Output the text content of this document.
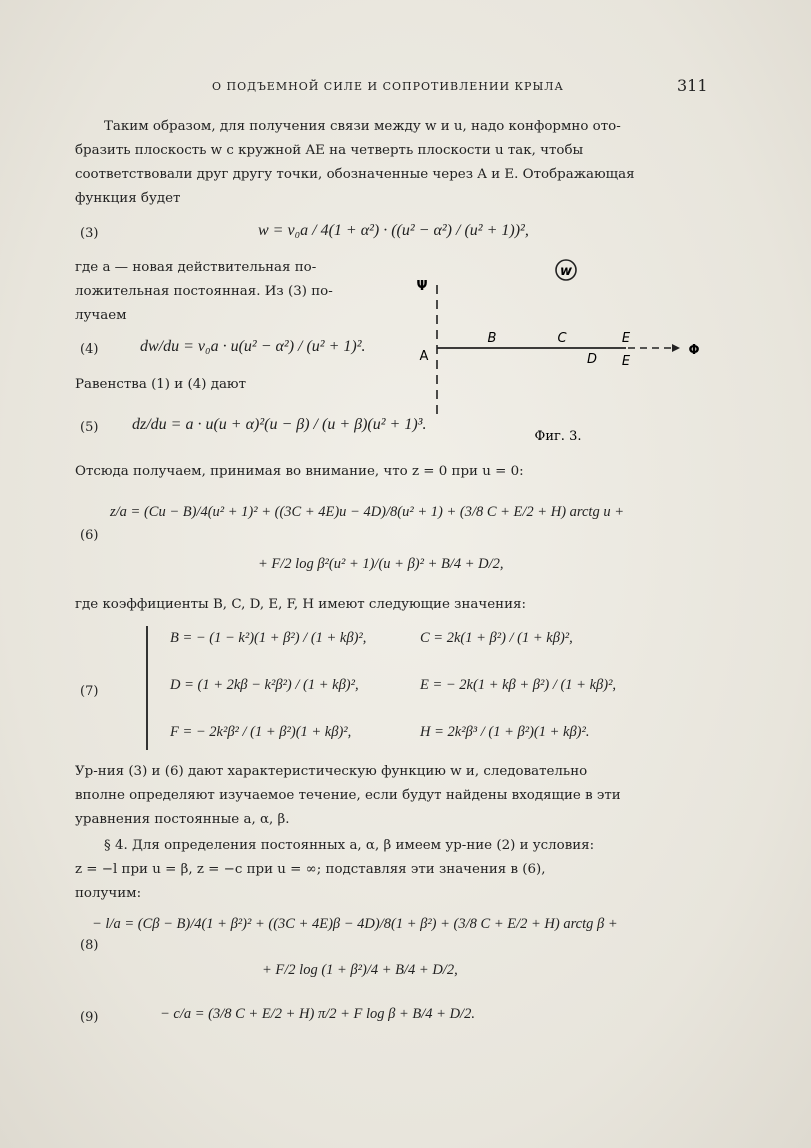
О ПОДЪЕМНОЙ СИЛЕ И СОПРОТИВЛЕНИИ КРЫЛА	311
Таким образом, для получения связи между w и u, надо конформно ото-
бразить плоскость w с кружной AE на четверть плоскости u так, чтобы
соответствовали друг другу точки, обозначенные через A и E. Отображающая
функция будет
(3)	w = v₀a / 4(1 + α²) · ((u² − α²) / (u² + 1))²,
где a — новая действительная по-
ложительная постоянная. Из (3) по-
лучаем
(4)	dw/du = v₀a · u(u² − α²) / (u² + 1)².
Равенства (1) и (4) дают
(5) dz/du = a · u(u + α)²(u − β) / (u + β)(u² + 1)³.
w
Ψ
Φ
A
B	C	E
D E
Фиг. 3.
Отсюда получаем, принимая во внимание, что z = 0 при u = 0:
(6)
z/a = (Cu − B)/4(u² + 1)² + ((3C + 4E)u − 4D)/8(u² + 1) + (3/8 C + E/2 + H) arctg u +
+ F/2 log β²(u² + 1)/(u + β)² + B/4 + D/2,
где коэффициенты B, C, D, E, F, H имеют следующие значения:
(7)
B = − (1 − k²)(1 + β²) / (1 + kβ)²,	C = 2k(1 + β²) / (1 + kβ)²,
D = (1 + 2kβ − k²β²) / (1 + kβ)²,	E = − 2k(1 + kβ + β²) / (1 + kβ)²,
F = − 2k²β² / (1 + β²)(1 + kβ)²,	H = 2k²β³ / (1 + β²)(1 + kβ)².
Ур-ния (3) и (6) дают характеристическую функцию w и, следовательно
вполне определяют изучаемое течение, если будут найдены входящие в эти
уравнения постоянные a, α, β.
§ 4. Для определения постоянных a, α, β имеем ур-ние (2) и условия:
z = −l при u = β, z = −c при u = ∞; подставляя эти значения в (6),
получим:
(8)
− l/a = (Cβ − B)/4(1 + β²)² + ((3C + 4E)β − 4D)/8(1 + β²) + (3/8 C + E/2 + H) arctg β +
+ F/2 log (1 + β²)/4 + B/4 + D/2,
(9)	− c/a = (3/8 C + E/2 + H) π/2 + F log β + B/4 + D/2.
